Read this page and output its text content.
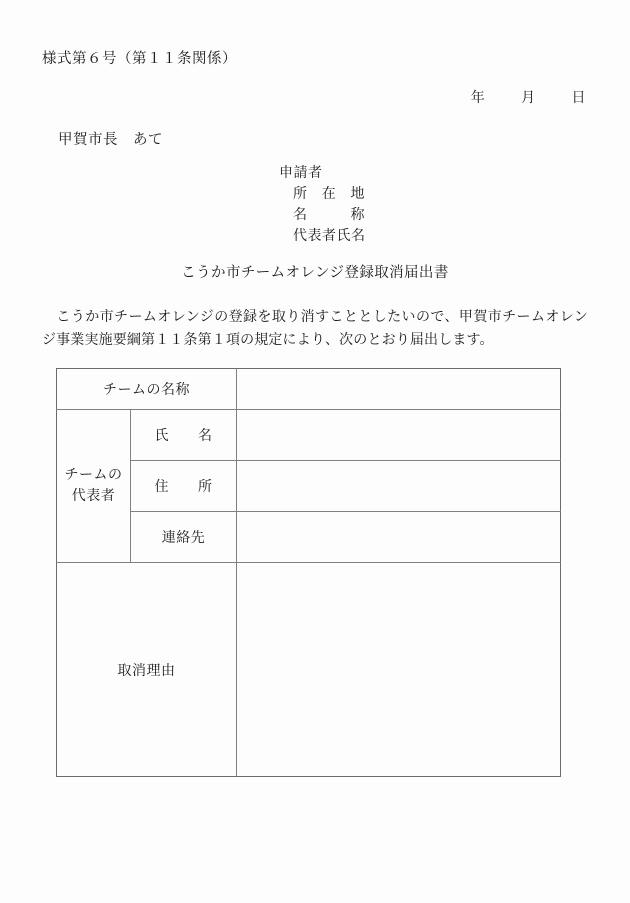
様式第６号（第１１条関係）
年	月	日
甲賀市長　あて
申請者
所在地
名称
代表者氏名
こうか市チームオレンジ登録取消届出書
　こうか市チームオレンジの登録を取り消すこととしたいので、甲賀市チームオレンジ事業実施要綱第１１条第１項の規定により、次のとおり届出します。
チームの名称		
チームの
代表者	氏名	
	住所	
	連絡先	
取消理由		
